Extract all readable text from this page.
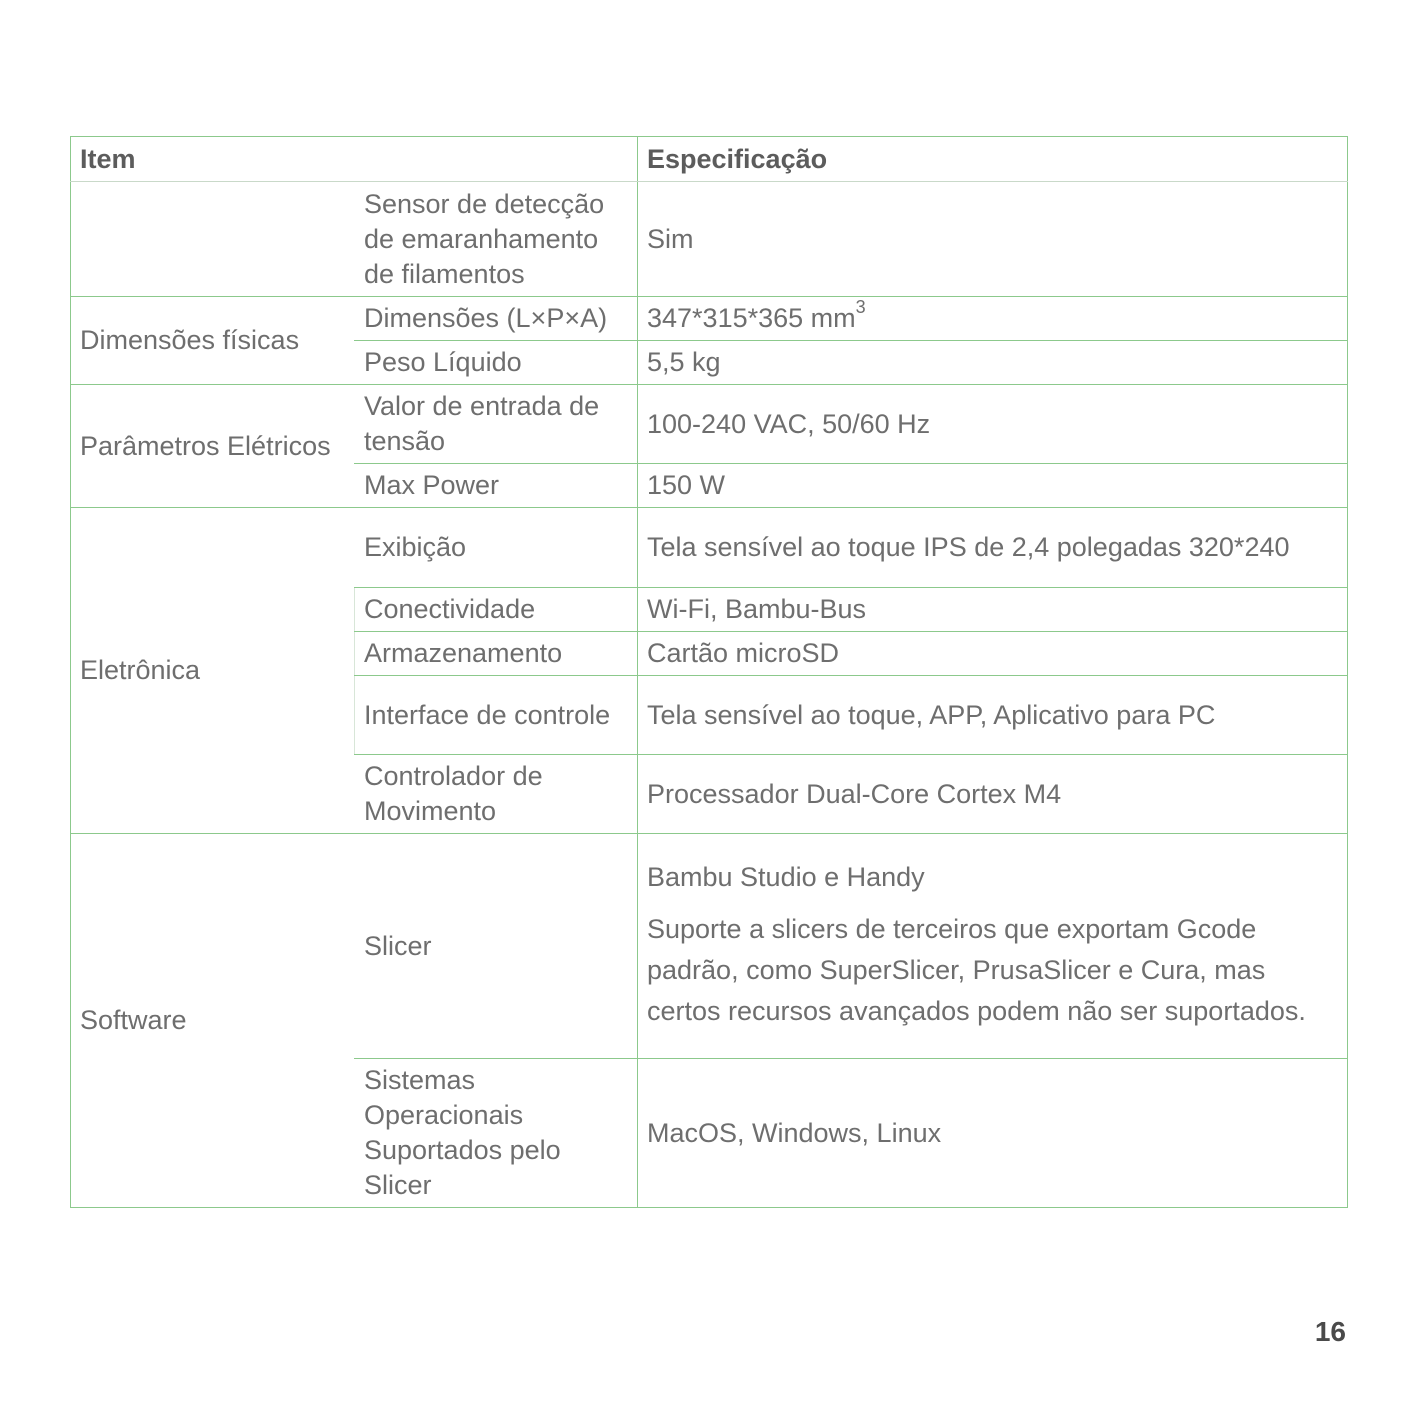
Item		Especificação
	Sensor de detecção de emaranhamento de filamentos	Sim
Dimensões físicas	Dimensões (L×P×A)	347*315*365 $mm^3$
	Peso Líquido	5,5 kg
Parâmetros Elétricos	Valor de entrada de tensão	100-240 VAC, 50/60 Hz
	Max Power	150 W
Eletrônica	Exibição	Tela sensível ao toque IPS de 2,4 polegadas 320*240
	Conectividade	Wi-Fi, Bambu-Bus
	Armazenamento	Cartão microSD
	Interface de controle	Tela sensível ao toque, APP, Aplicativo para PC
	Controlador de Movimento	Processador Dual-Core Cortex M4
Software	Slicer	Bambu Studio e Handy

Suporte a slicers de terceiros que exportam Gcode padrão, como SuperSlicer, PrusaSlicer e Cura, mas certos recursos avançados podem não ser suportados.

	Sistemas Operacionais Suportados pelo Slicer	MacOS, Windows, Linux
16
